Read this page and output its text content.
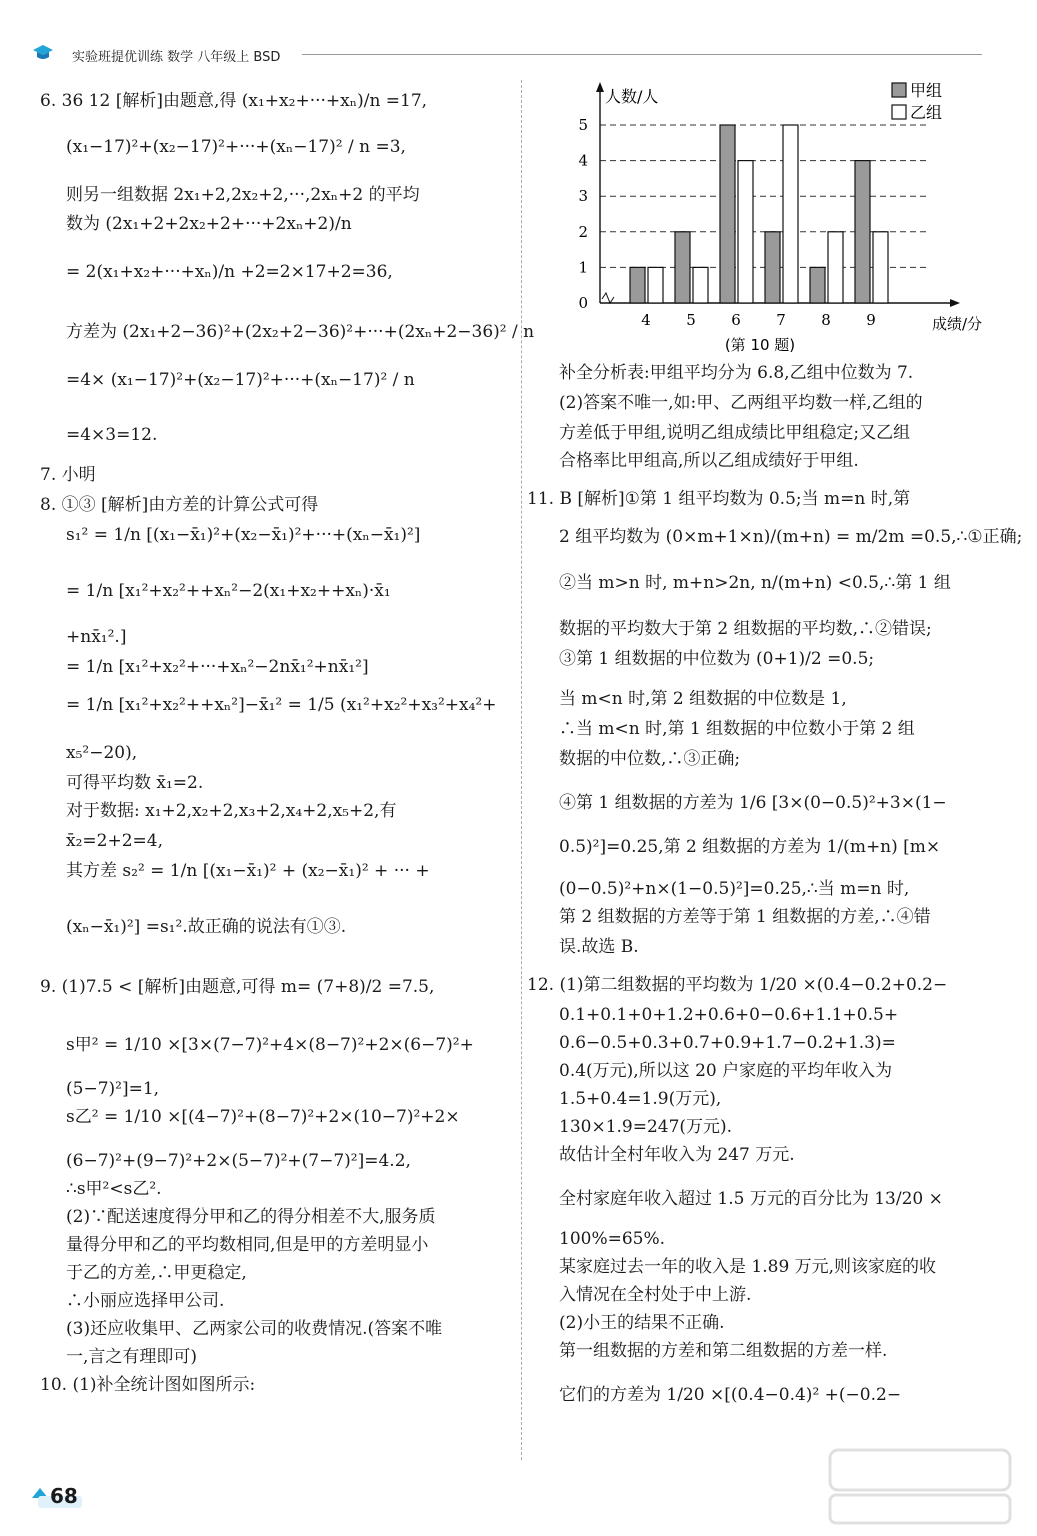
实验班提优训练 数学 八年级上 BSD
6. 36 12 [解析]由题意,得 (x₁+x₂+···+xₙ)/n =17,
(x₁−17)²+(x₂−17)²+···+(xₙ−17)² / n =3,
则另一组数据 2x₁+2,2x₂+2,···,2xₙ+2 的平均
数为 (2x₁+2+2x₂+2+···+2xₙ+2)/n
= 2(x₁+x₂+···+xₙ)/n +2=2×17+2=36,
方差为 (2x₁+2−36)²+(2x₂+2−36)²+···+(2xₙ+2−36)² / n
=4× (x₁−17)²+(x₂−17)²+···+(xₙ−17)² / n
=4×3=12.
7. 小明
8. ①③ [解析]由方差的计算公式可得
s₁² = 1/n [(x₁−x̄₁)²+(x₂−x̄₁)²+···+(xₙ−x̄₁)²]
= 1/n [x₁²+x₂²++xₙ²−2(x₁+x₂++xₙ)·x̄₁
+nx̄₁².]
= 1/n [x₁²+x₂²+···+xₙ²−2nx̄₁²+nx̄₁²]
= 1/n [x₁²+x₂²++xₙ²]−x̄₁² = 1/5 (x₁²+x₂²+x₃²+x₄²+
x₅²−20),
可得平均数 x̄₁=2.
对于数据: x₁+2,x₂+2,x₃+2,x₄+2,x₅+2,有
x̄₂=2+2=4,
其方差 s₂² = 1/n [(x₁−x̄₁)² + (x₂−x̄₁)² + ··· +
(xₙ−x̄₁)²] =s₁².故正确的说法有①③.
9. (1)7.5 < [解析]由题意,可得 m= (7+8)/2 =7.5,
s甲² = 1/10 ×[3×(7−7)²+4×(8−7)²+2×(6−7)²+
(5−7)²]=1,
s乙² = 1/10 ×[(4−7)²+(8−7)²+2×(10−7)²+2×
(6−7)²+(9−7)²+2×(5−7)²+(7−7)²]=4.2,
∴s甲²<s乙².
(2)∵配送速度得分甲和乙的得分相差不大,服务质
量得分甲和乙的平均数相同,但是甲的方差明显小
于乙的方差,∴甲更稳定,
∴小丽应选择甲公司.
(3)还应收集甲、乙两家公司的收费情况.(答案不唯
一,言之有理即可)
10. (1)补全统计图如图所示:
补全分析表:甲组平均分为 6.8,乙组中位数为 7.
(2)答案不唯一,如:甲、乙两组平均数一样,乙组的
方差低于甲组,说明乙组成绩比甲组稳定;又乙组
合格率比甲组高,所以乙组成绩好于甲组.
11. B [解析]①第 1 组平均数为 0.5;当 m=n 时,第
2 组平均数为 (0×m+1×n)/(m+n) = m/2m =0.5,∴①正确;
②当 m>n 时, m+n>2n, n/(m+n) <0.5,∴第 1 组
数据的平均数大于第 2 组数据的平均数,∴②错误;
③第 1 组数据的中位数为 (0+1)/2 =0.5;
当 m<n 时,第 2 组数据的中位数是 1,
∴当 m<n 时,第 1 组数据的中位数小于第 2 组
数据的中位数,∴③正确;
④第 1 组数据的方差为 1/6 [3×(0−0.5)²+3×(1−
0.5)²]=0.25,第 2 组数据的方差为 1/(m+n) [m×
(0−0.5)²+n×(1−0.5)²]=0.25,∴当 m=n 时,
第 2 组数据的方差等于第 1 组数据的方差,∴④错
误.故选 B.
12. (1)第二组数据的平均数为 1/20 ×(0.4−0.2+0.2−
0.1+0.1+0+1.2+0.6+0−0.6+1.1+0.5+
0.6−0.5+0.3+0.7+0.9+1.7−0.2+1.3)=
0.4(万元),所以这 20 户家庭的平均年收入为
1.5+0.4=1.9(万元),
130×1.9=247(万元).
故估计全村年收入为 247 万元.
全村家庭年收入超过 1.5 万元的百分比为 13/20 ×
100%=65%.
某家庭过去一年的收入是 1.89 万元,则该家庭的收
入情况在全村处于中上游.
(2)小王的结果不正确.
第一组数据的方差和第二组数据的方差一样.
它们的方差为 1/20 ×[(0.4−0.4)² +(−0.2−
0
1
2
3
4
5
人数/人
成绩/分
4 5 6 7 8 9
甲组
乙组
(第 10 题)
68
